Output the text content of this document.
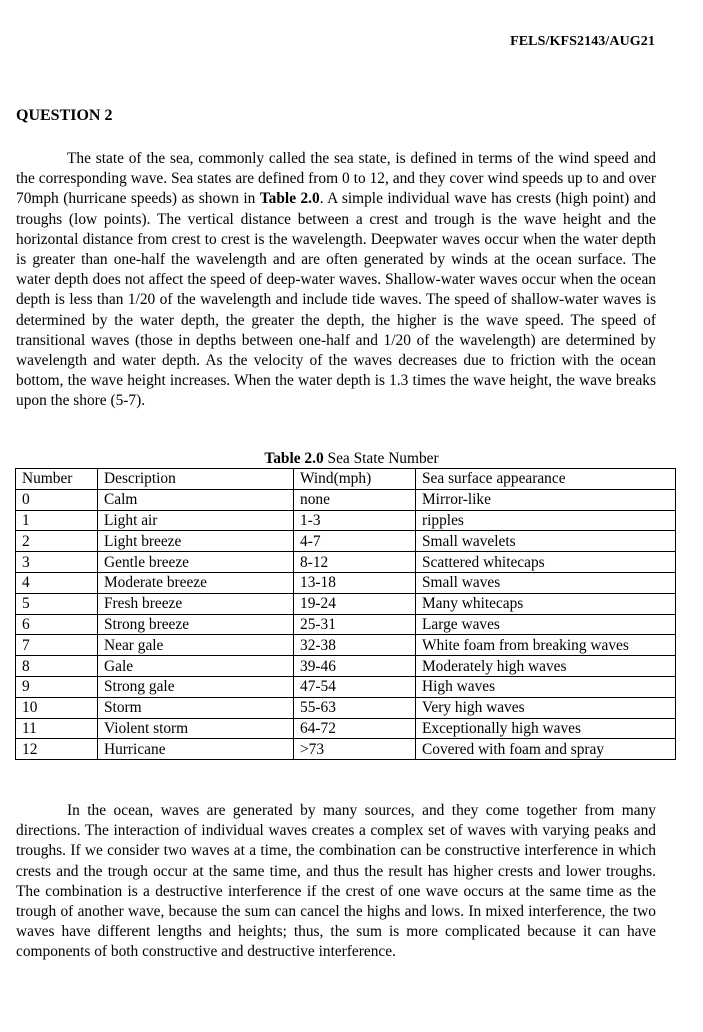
FELS/KFS2143/AUG21
QUESTION 2

The state of the sea, commonly called the sea state, is defined in terms of the wind speed and the corresponding wave. Sea states are defined from 0 to 12, and they cover wind speeds up to and over 70mph (hurricane speeds) as shown in Table 2.0. A simple individual wave has crests (high point) and troughs (low points). The vertical distance between a crest and trough is the wave height and the horizontal distance from crest to crest is the wavelength. Deepwater waves occur when the water depth is greater than one-half the wavelength and are often generated by winds at the ocean surface. The water depth does not affect the speed of deep-water waves. Shallow-water waves occur when the ocean depth is less than 1/20 of the wavelength and include tide waves. The speed of shallow-water waves is determined by the water depth, the greater the depth, the higher is the wave speed. The speed of transitional waves (those in depths between one-half and 1/20 of the wavelength) are determined by wavelength and water depth. As the velocity of the waves decreases due to friction with the ocean bottom, the wave height increases. When the water depth is 1.3 times the wave height, the wave breaks upon the shore (5-7).

Table 2.0 Sea State Number
Number	Description	Wind(mph)	Sea surface appearance
0	Calm	none	Mirror-like
1	Light air	1-3	ripples
2	Light breeze	4-7	Small wavelets
3	Gentle breeze	8-12	Scattered whitecaps
4	Moderate breeze	13-18	Small waves
5	Fresh breeze	19-24	Many whitecaps
6	Strong breeze	25-31	Large waves
7	Near gale	32-38	White foam from breaking waves
8	Gale	39-46	Moderately high waves
9	Strong gale	47-54	High waves
10	Storm	55-63	Very high waves
11	Violent storm	64-72	Exceptionally high waves
12	Hurricane	>73	Covered with foam and spray

In the ocean, waves are generated by many sources, and they come together from many directions. The interaction of individual waves creates a complex set of waves with varying peaks and troughs. If we consider two waves at a time, the combination can be constructive interference in which crests and the trough occur at the same time, and thus the result has higher crests and lower troughs. The combination is a destructive interference if the crest of one wave occurs at the same time as the trough of another wave, because the sum can cancel the highs and lows. In mixed interference, the two waves have different lengths and heights; thus, the sum is more complicated because it can have components of both constructive and destructive interference.
